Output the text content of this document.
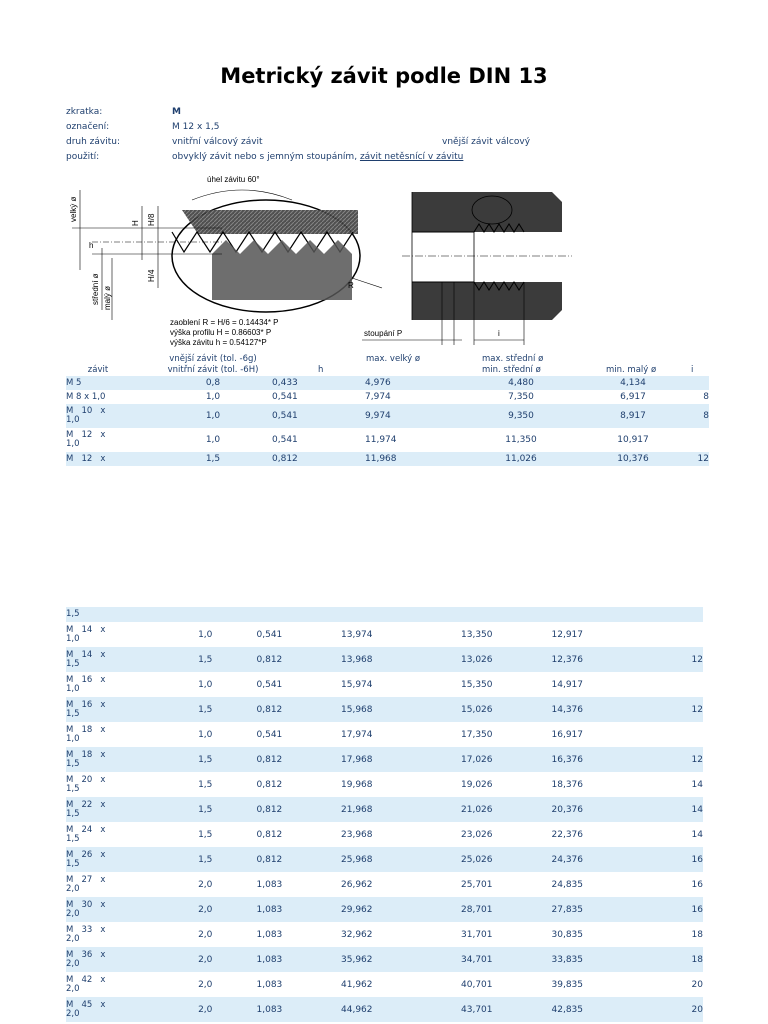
Metrický závit podle DIN 13
zkratka:	M
označení:	M 12 x 1,5
druh závitu:	vnitřní válcový závit	vnější závit válcový
použití:	obvyklý závit nebo s jemným stoupáním, závit netěsnící v závitu
úhel závitu 60°
velký ø
střední ø malý ø
h
H H/8
H/4
R
zaoblení R = H/6 = 0.14434* P
výška profilu H = 0.86603* P
výška závitu h = 0.54127*P
stoupání P	i
závit
vnější závit (tol. -6g)
vnitřní závit (tol. -6H)	h
max. velký ø	max. střední ø
min. střední ø	min. malý ø	i
M 5	0,8	0,433	4,976	4,480	4,134	
M 8 x 1,0	1,0	0,541	7,974	7,350	6,917	8

M   10   x
1,0	1,0	0,541	9,974	9,350	8,917	8

M   12   x
1,0	1,0	0,541	11,974	11,350	10,917	
M   12   x	1,5	0,812	11,968	11,026	10,376	12
1,5						

M   14   x
1,0	1,0	0,541	13,974	13,350	12,917	

M   14   x
1,5	1,5	0,812	13,968	13,026	12,376	12

M   16   x
1,0	1,0	0,541	15,974	15,350	14,917	

M   16   x
1,5	1,5	0,812	15,968	15,026	14,376	12

M   18   x
1,0	1,0	0,541	17,974	17,350	16,917	

M   18   x
1,5	1,5	0,812	17,968	17,026	16,376	12

M   20   x
1,5	1,5	0,812	19,968	19,026	18,376	14

M   22   x
1,5	1,5	0,812	21,968	21,026	20,376	14

M   24   x
1,5	1,5	0,812	23,968	23,026	22,376	14

M   26   x
1,5	1,5	0,812	25,968	25,026	24,376	16

M   27   x
2,0	2,0	1,083	26,962	25,701	24,835	16

M   30   x
2,0	2,0	1,083	29,962	28,701	27,835	16

M   33   x
2,0	2,0	1,083	32,962	31,701	30,835	18

M   36   x
2,0	2,0	1,083	35,962	34,701	33,835	18

M   42   x
2,0	2,0	1,083	41,962	40,701	39,835	20

M   45   x
2,0	2,0	1,083	44,962	43,701	42,835	20
